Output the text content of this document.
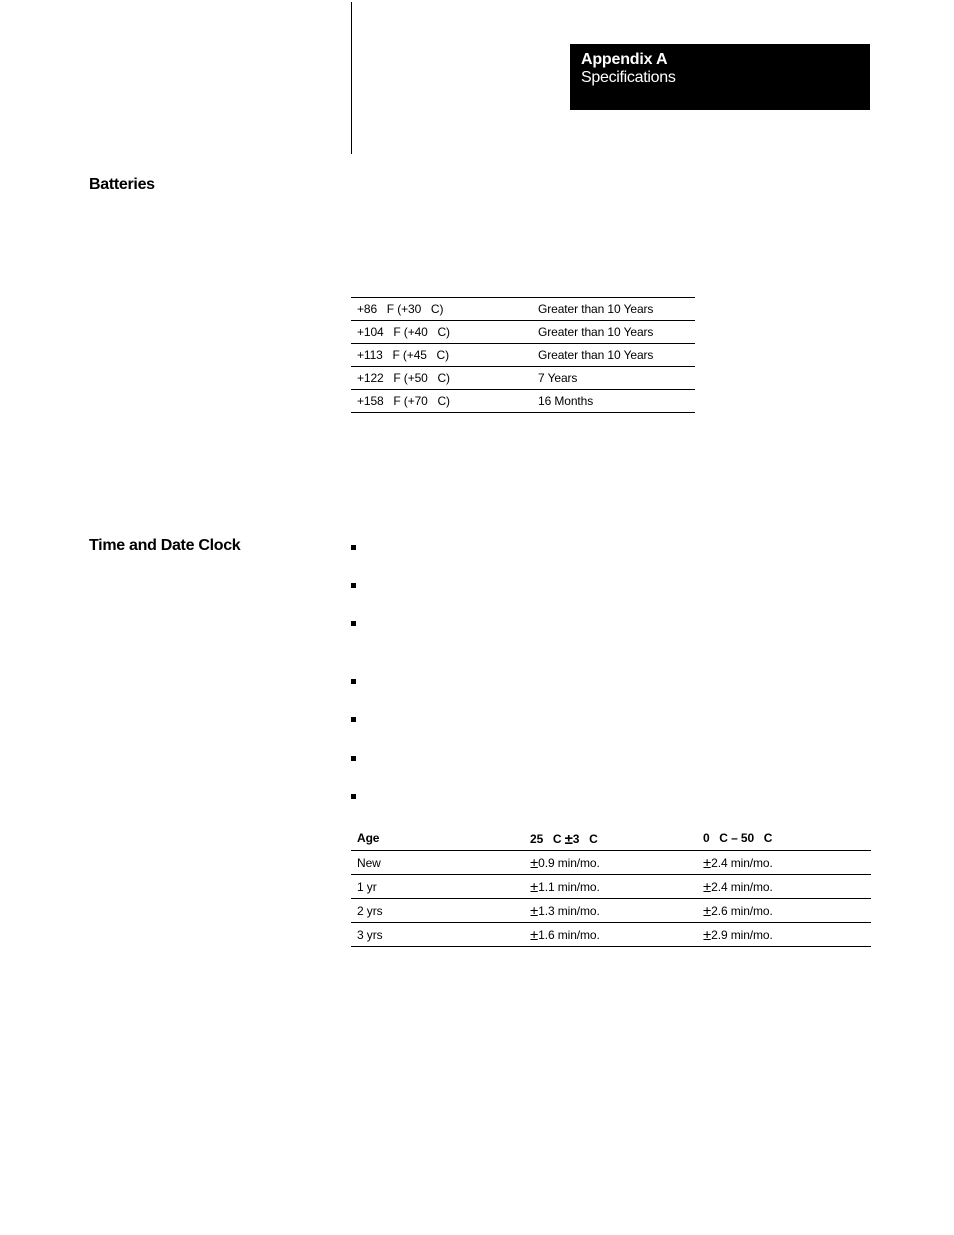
Appendix A
Specifications
Batteries
+86   F (+30   C)	Greater than 10 Years
+104   F (+40   C)	Greater than 10 Years
+113   F (+45   C)	Greater than 10 Years
+122   F (+50   C)	7 Years
+158   F (+70   C)	16 Months
Time and Date Clock
Age	25   C ±3   C	0   C – 50   C
New	±0.9 min/mo.	±2.4 min/mo.
1 yr	±1.1 min/mo.	±2.4 min/mo.
2 yrs	±1.3 min/mo.	±2.6 min/mo.
3 yrs	±1.6 min/mo.	±2.9 min/mo.
